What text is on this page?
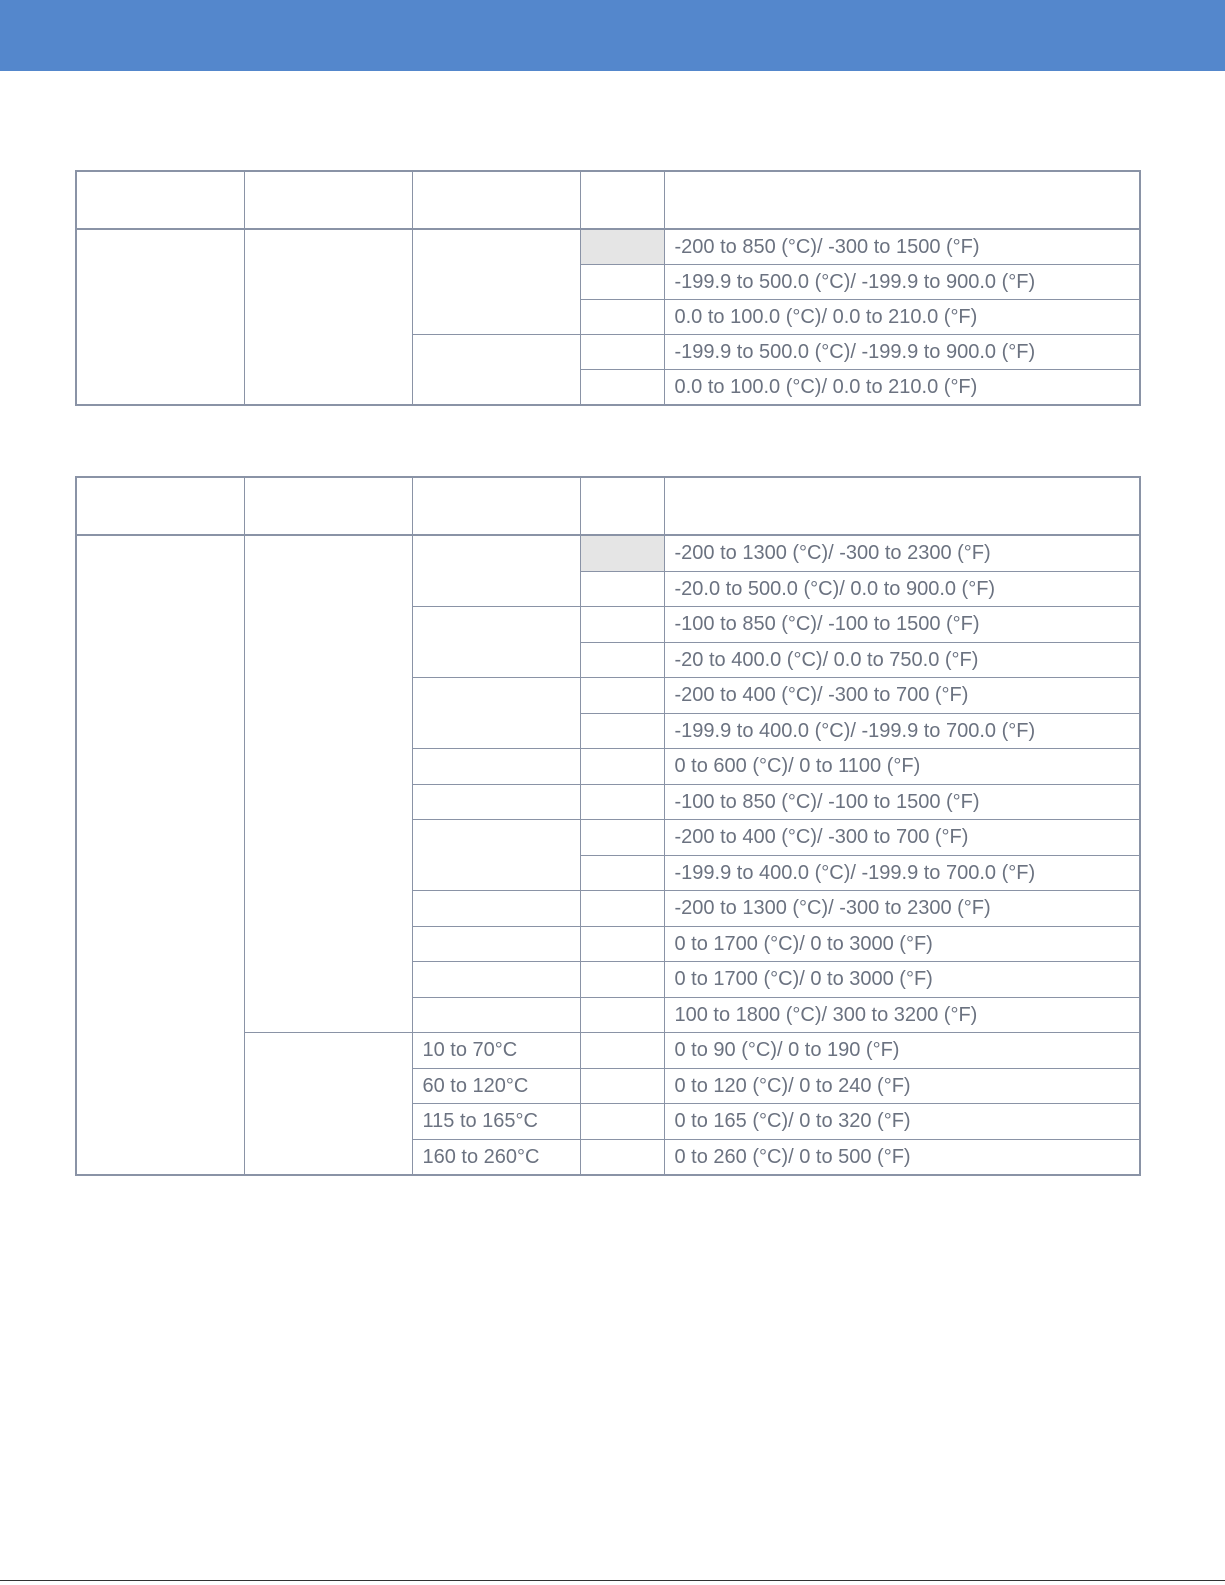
				-200 to 850 (°C)/ -300 to 1500 (°F)
				-199.9 to 500.0 (°C)/ -199.9 to 900.0 (°F)
				0.0 to 100.0 (°C)/ 0.0 to 210.0 (°F)
				-199.9 to 500.0 (°C)/ -199.9 to 900.0 (°F)
				0.0 to 100.0 (°C)/ 0.0 to 210.0 (°F)

				-200 to 1300 (°C)/ -300 to 2300 (°F)
				-20.0 to 500.0 (°C)/ 0.0 to 900.0 (°F)
				-100 to 850 (°C)/ -100 to 1500 (°F)
				-20 to 400.0 (°C)/ 0.0 to 750.0 (°F)
				-200 to 400 (°C)/ -300 to 700 (°F)
				-199.9 to 400.0 (°C)/ -199.9 to 700.0 (°F)
				0 to 600 (°C)/ 0 to 1100 (°F)
				-100 to 850 (°C)/ -100 to 1500 (°F)
				-200 to 400 (°C)/ -300 to 700 (°F)
				-199.9 to 400.0 (°C)/ -199.9 to 700.0 (°F)
				-200 to 1300 (°C)/ -300 to 2300 (°F)
				0 to 1700 (°C)/ 0 to 3000 (°F)
				0 to 1700 (°C)/ 0 to 3000 (°F)
				100 to 1800 (°C)/ 300 to 3200 (°F)
		10 to 70°C		0 to 90 (°C)/ 0 to 190 (°F)
		60 to 120°C		0 to 120 (°C)/ 0 to 240 (°F)
		115 to 165°C		0 to 165 (°C)/ 0 to 320 (°F)
		160 to 260°C		0 to 260 (°C)/ 0 to 500 (°F)
